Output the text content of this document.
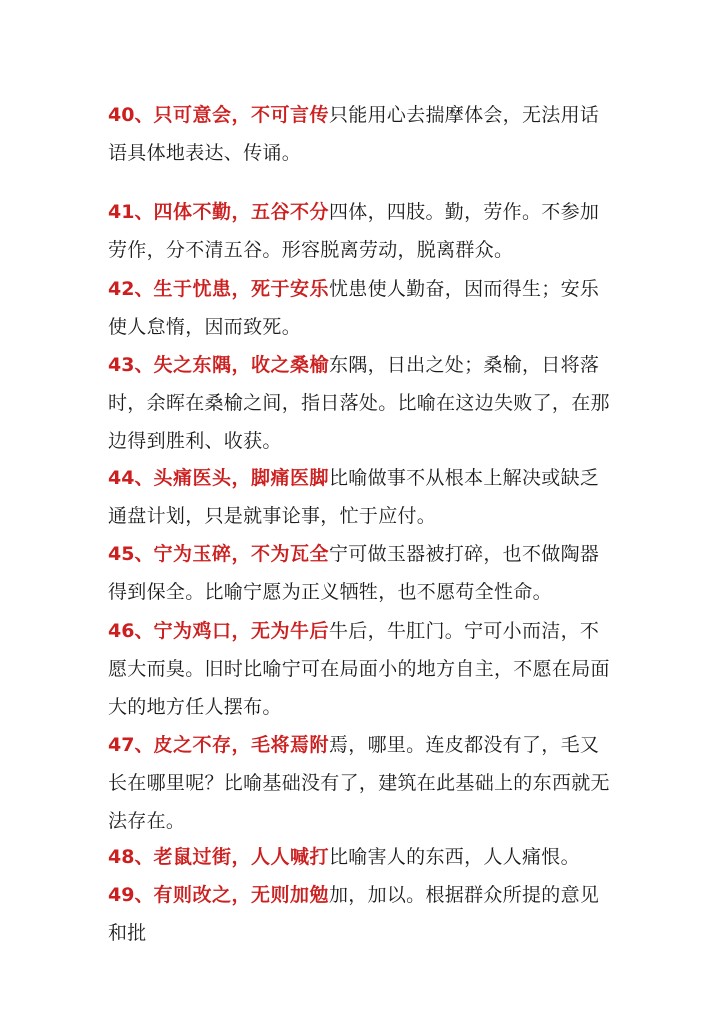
40、只可意会，不可言传只能用心去揣摩体会，无法用话语具体地表达、传诵。

41、四体不勤，五谷不分四体，四肢。勤，劳作。不参加劳作，分不清五谷。形容脱离劳动，脱离群众。

42、生于忧患，死于安乐忧患使人勤奋，因而得生；安乐使人怠惰，因而致死。

43、失之东隅，收之桑榆东隅，日出之处；桑榆，日将落时，余晖在桑榆之间，指日落处。比喻在这边失败了，在那边得到胜利、收获。

44、头痛医头，脚痛医脚比喻做事不从根本上解决或缺乏通盘计划，只是就事论事，忙于应付。

45、宁为玉碎，不为瓦全宁可做玉器被打碎，也不做陶器得到保全。比喻宁愿为正义牺牲，也不愿苟全性命。

46、宁为鸡口，无为牛后牛后，牛肛门。宁可小而洁，不愿大而臭。旧时比喻宁可在局面小的地方自主，不愿在局面大的地方任人摆布。

47、皮之不存，毛将焉附焉，哪里。连皮都没有了，毛又长在哪里呢？比喻基础没有了，建筑在此基础上的东西就无法存在。

48、老鼠过街，人人喊打比喻害人的东西，人人痛恨。

49、有则改之，无则加勉加，加以。根据群众所提的意见和批
